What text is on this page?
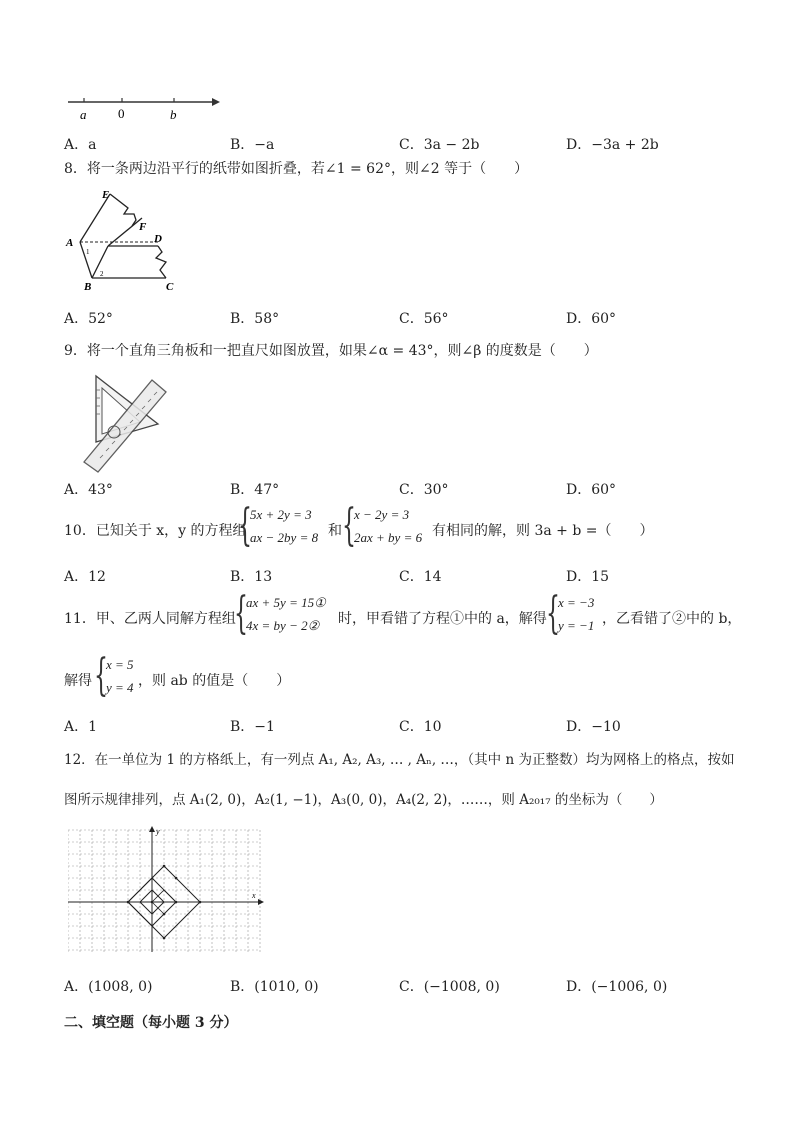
a 0	b
A．a	B．−a	C．3a − 2b	D．−3a + 2b
8．将一条两边沿平行的纸带如图折叠，若∠1 = 62°，则∠2 等于（　　）
E
F
A	D
B	C
1
2
A．52°	B．58°	C．56°	D．60°
9．将一个直角三角板和一把直尺如图放置，如果∠α = 43°，则∠β 的度数是（　　）
A．43°	B．47°	C．30°	D．60°
10．已知关于 x，y 的方程组
{
5x + 2y = 3
ax − 2by = 8 和 {
x − 2y = 3
2ax + by = 6 有相同的解，则 3a + b =（　　）
A．12	B．13	C．14	D．15
11．甲、乙两人同解方程组
{
ax + 5y = 15①
4x = by − 2② 时，甲看错了方程①中的 a，解得 {
x = −3
y = −1 ，乙看错了②中的 b，
解得 {
x = 5
y = 4 ，则 ab 的值是（　　）
A．1	B．−1	C．10	D．−10
12．在一单位为 1 的方格纸上，有一列点 A₁, A₂, A₃, … , Aₙ, …，（其中 n 为正整数）均为网格上的格点，按如
图所示规律排列，点 A₁(2, 0)，A₂(1, −1)，A₃(0, 0)，A₄(2, 2)，……，则 A₂₀₁₇ 的坐标为（　　）
x
y
A．(1008, 0)	B．(1010, 0)	C．(−1008, 0)	D．(−1006, 0)
二、填空题（每小题 3 分）
